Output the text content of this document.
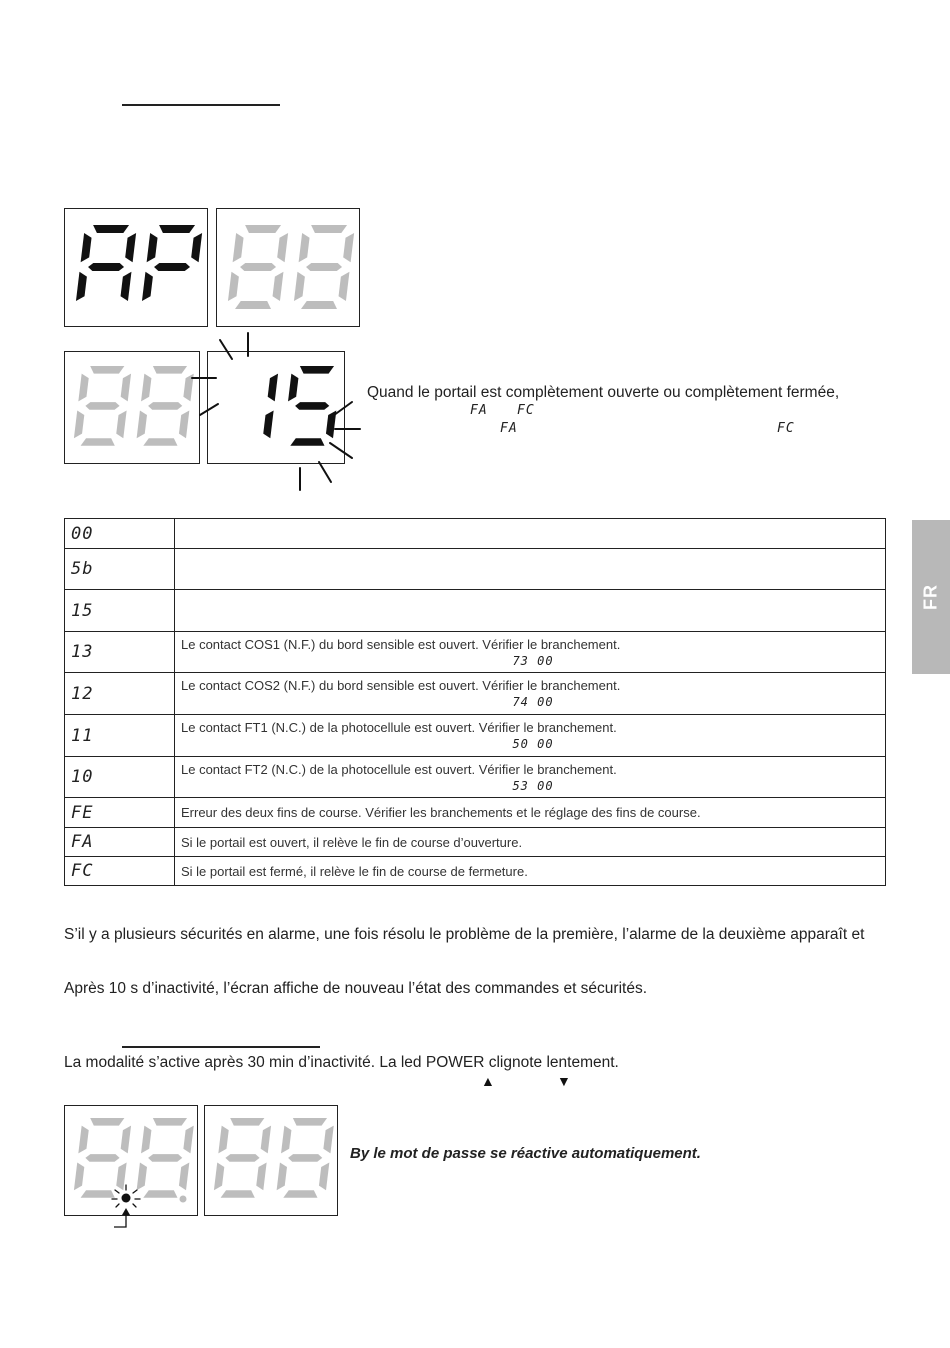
Quand le portail est complètement ouverte ou complètement fermée,
FA FC
FA	FC
00	
5b	
15	
13	Le contact COS1 (N.F.) du bord sensible est ouvert. Vérifier le branchement.
73 00

12	Le contact COS2 (N.F.) du bord sensible est ouvert. Vérifier le branchement.
74 00

11	Le contact FT1 (N.C.) de la photocellule est ouvert. Vérifier le branchement.
50 00

10	Le contact FT2 (N.C.) de la photocellule est ouvert. Vérifier le branchement.
53 00

FE	Erreur des deux fins de course. Vérifier les branchements et le réglage des fins de course.
FA	Si le portail est ouvert, il relève le fin de course d’ouverture.
FC	Si le portail est fermé, il relève le fin de course de fermeture.
FR
S’il y a plusieurs sécurités en alarme, une fois résolu le problème de la première, l’alarme de la deuxième apparaît et
Après 10 s d’inactivité, l’écran affiche de nouveau l’état des commandes et sécurités.
La modalité s’active après 30 min d’inactivité. La led POWER clignote lentement.
▲	▼
By le mot de passe se réactive automatiquement.
